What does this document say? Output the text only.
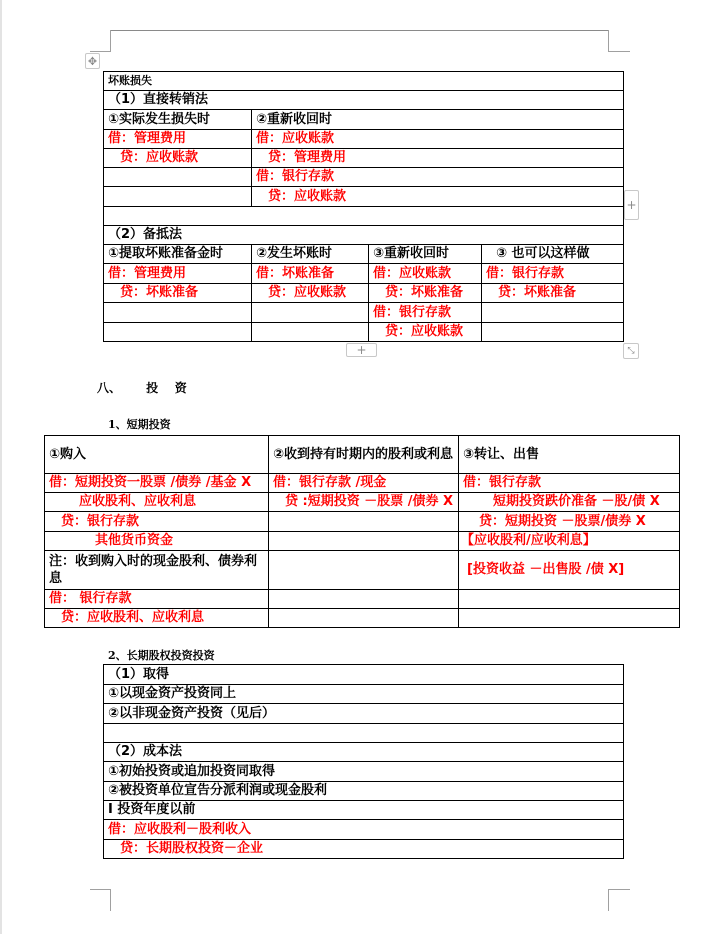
✥
+
+	⤡
坏账损失			
（1）直接转销法			
①实际发生损失时	②重新收回时		
借：管理费用	借：应收账款		
贷：应收账款	贷：管理费用		
	借：银行存款		
	贷：应收账款		

（2）备抵法			
①提取坏账准备金时	②发生坏账时	③重新收回时	③ 也可以这样做
借：管理费用	借：坏账准备	借：应收账款	借：银行存款
贷：坏账准备	贷：应收账款	贷：坏账准备	贷：坏账准备
		借：银行存款	
		贷：应收账款	
八、      投    资
1、短期投资
①购入	②收到持有时期内的股利或利息	③转让、出售
借：短期投资一股票 /债券 /基金 X	借：银行存款 /现金	借：银行存款
应收股利、应收利息	贷 :短期投资 －股票 /债券 X	短期投资跌价准备 －股/债 X
贷：银行存款		贷：短期投资 －股票/债券 X
其他货币资金		【应收股利/应收利息】
注：收到购入时的现金股利、债券利息		[投资收益 －出售股 /债 X]
借： 银行存款		
贷：应收股利、应收利息		
2、长期股权投资投资
（1）取得
①以现金资产投资同上
②以非现金资产投资（见后）

（2）成本法
①初始投资或追加投资同取得
②被投资单位宣告分派利润或现金股利
I 投资年度以前
借：应收股利－股利收入
贷：长期股权投资－企业
